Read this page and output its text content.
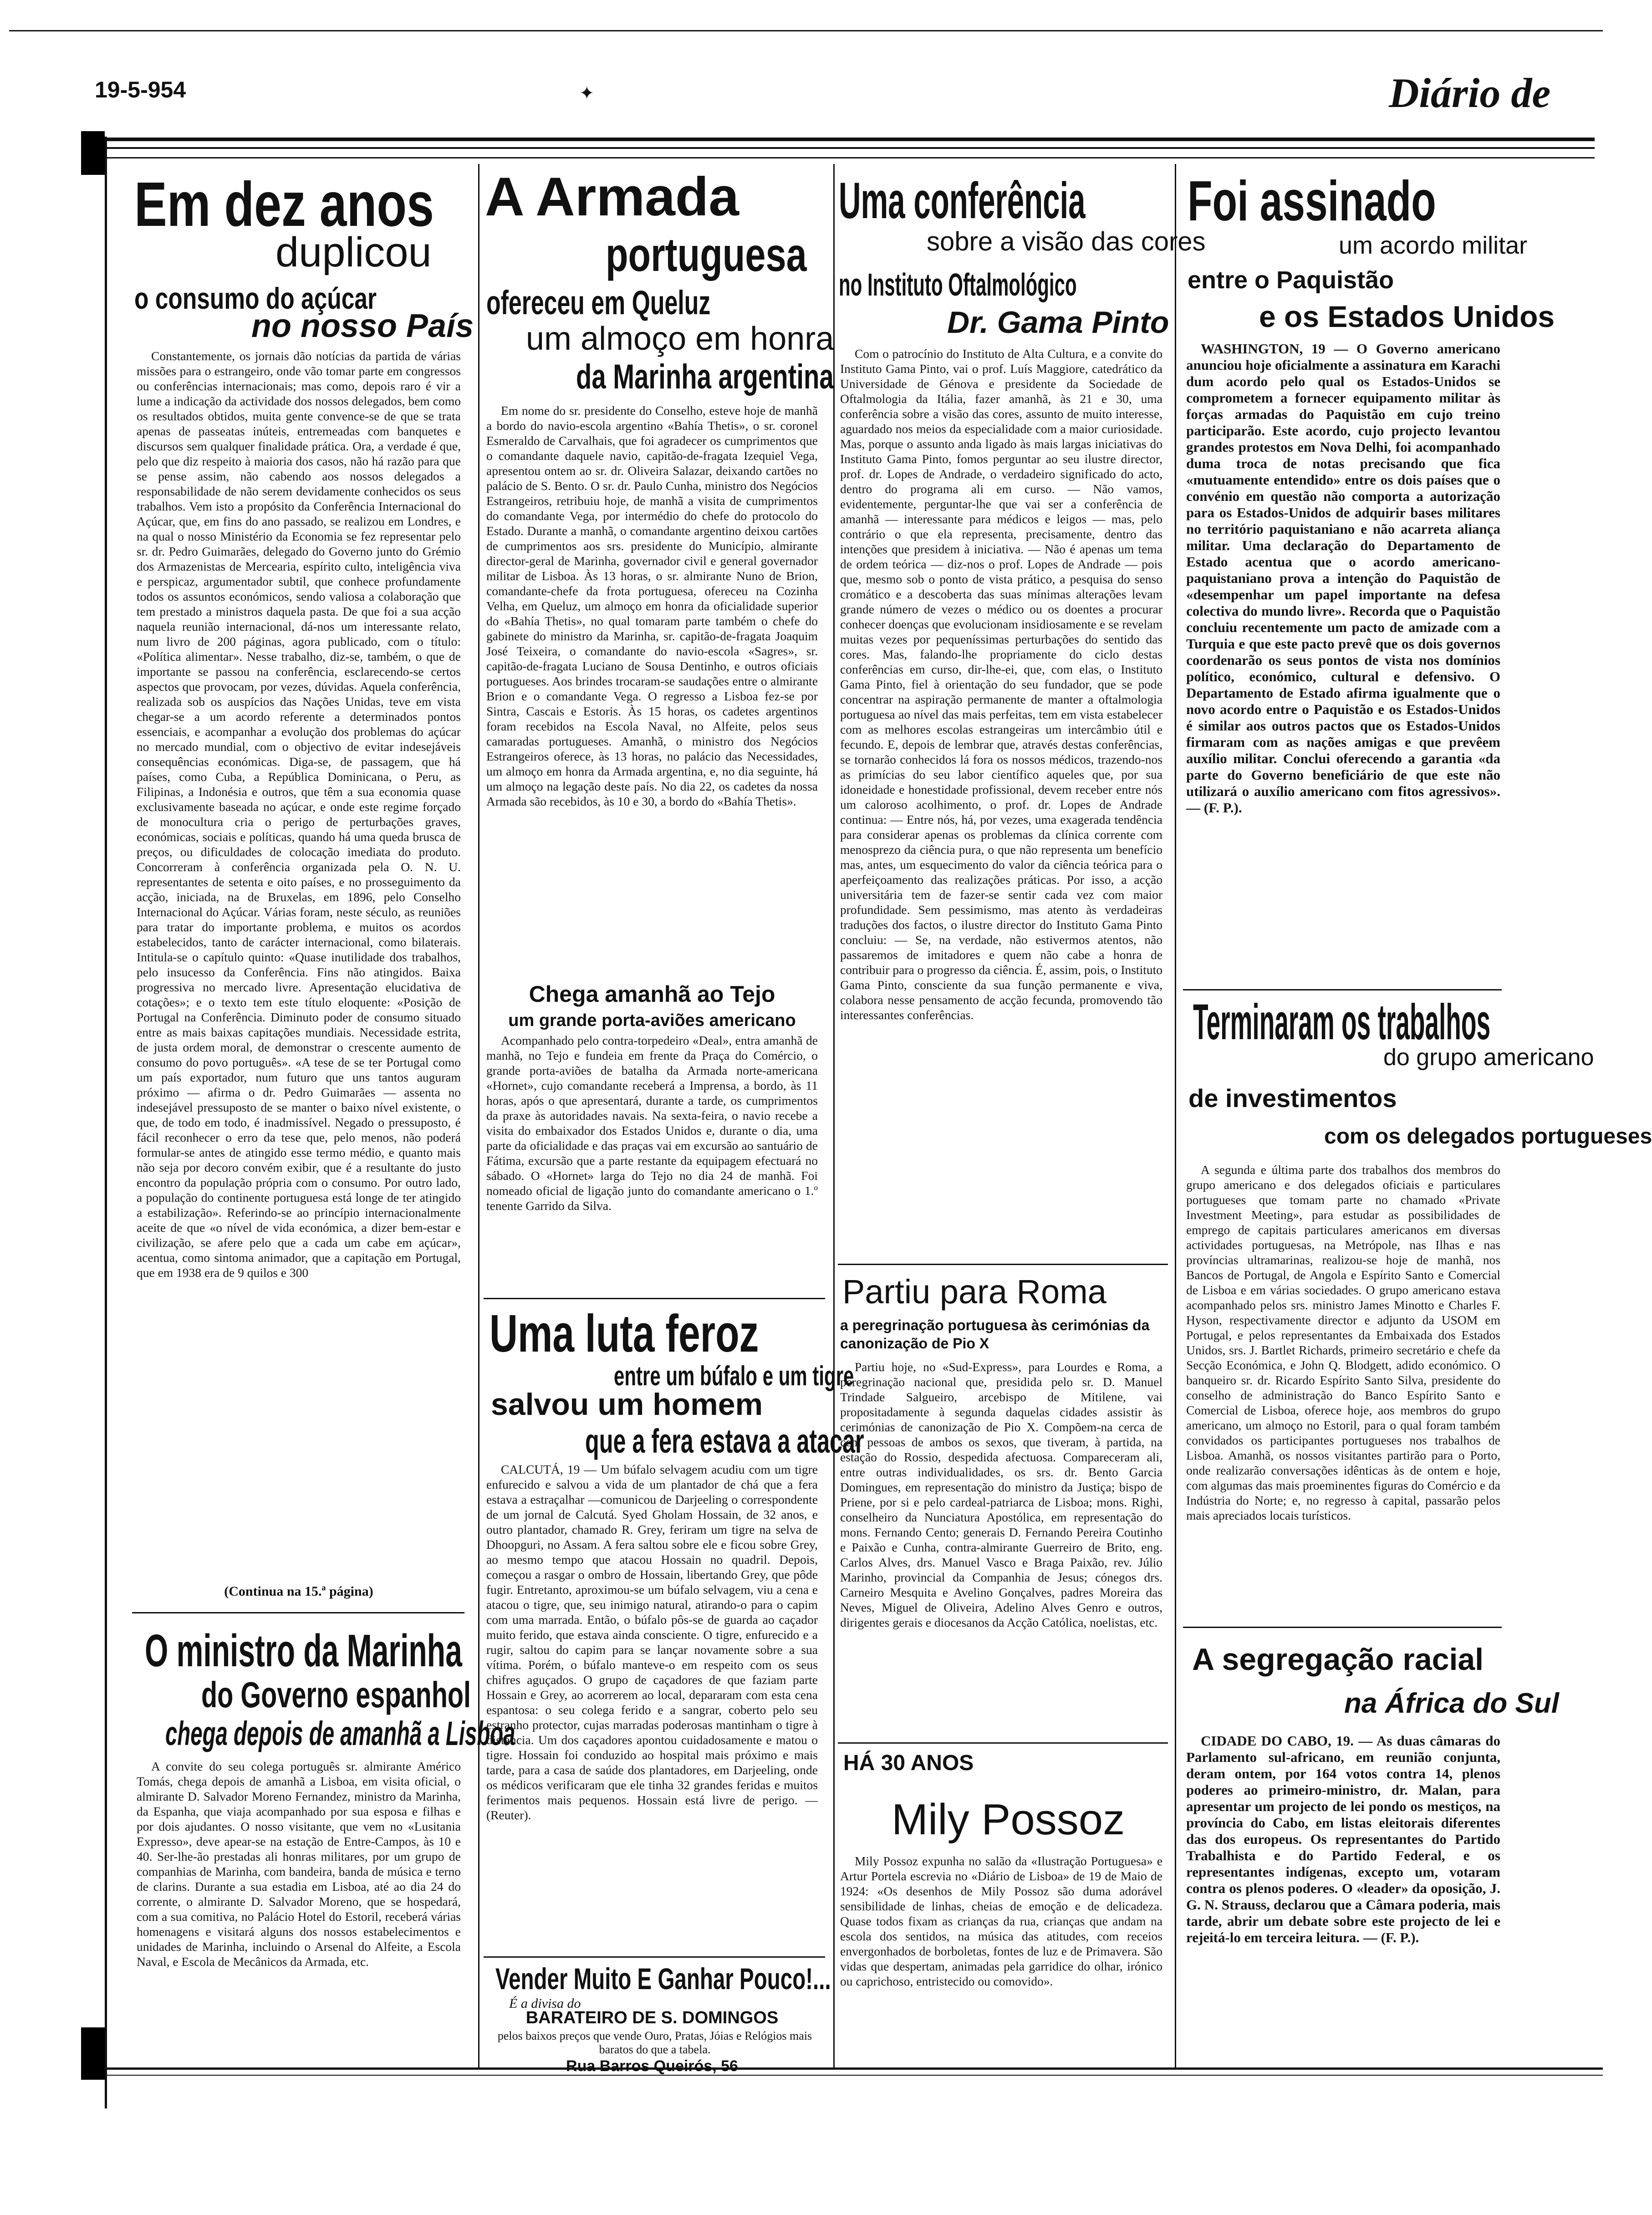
19-5-954	✦	Diário de
Em dez anos
duplicou
o consumo do açúcar
no nosso País

Constantemente, os jornais dão notícias da partida de várias missões para o estrangeiro, onde vão tomar parte em congressos ou conferências internacionais; mas como, depois raro é vir a lume a indicação da actividade dos nossos delegados, bem como os resultados obtidos, muita gente convence-se de que se trata apenas de passeatas inúteis, entremeadas com banquetes e discursos sem qualquer finalidade prática. Ora, a verdade é que, pelo que diz respeito à maioria dos casos, não há razão para que se pense assim, não cabendo aos nossos delegados a responsabilidade de não serem devidamente conhecidos os seus trabalhos. Vem isto a propósito da Conferência Internacional do Açúcar, que, em fins do ano passado, se realizou em Londres, e na qual o nosso Ministério da Economia se fez representar pelo sr. dr. Pedro Guimarães, delegado do Governo junto do Grémio dos Armazenistas de Mercearia, espírito culto, inteligência viva e perspicaz, argumentador subtil, que conhece profundamente todos os assuntos económicos, sendo valiosa a colaboração que tem prestado a ministros daquela pasta. De que foi a sua acção naquela reunião internacional, dá-nos um interessante relato, num livro de 200 páginas, agora publicado, com o título: «Política alimentar». Nesse trabalho, diz-se, também, o que de importante se passou na conferência, esclarecendo-se certos aspectos que provocam, por vezes, dúvidas. Aquela conferência, realizada sob os auspícios das Nações Unidas, teve em vista chegar-se a um acordo referente a determinados pontos essenciais, e acompanhar a evolução dos problemas do açúcar no mercado mundial, com o objectivo de evitar indesejáveis consequências económicas. Diga-se, de passagem, que há países, como Cuba, a República Dominicana, o Peru, as Filipinas, a Indonésia e outros, que têm a sua economia quase exclusivamente baseada no açúcar, e onde este regime forçado de monocultura cria o perigo de perturbações graves, económicas, sociais e políticas, quando há uma queda brusca de preços, ou dificuldades de colocação imediata do produto. Concorreram à conferência organizada pela O. N. U. representantes de setenta e oito países, e no prosseguimento da acção, iniciada, na de Bruxelas, em 1896, pelo Conselho Internacional do Açúcar. Várias foram, neste século, as reuniões para tratar do importante problema, e muitos os acordos estabelecidos, tanto de carácter internacional, como bilaterais. Intitula-se o capítulo quinto: «Quase inutilidade dos trabalhos, pelo insucesso da Conferência. Fins não atingidos. Baixa progressiva no mercado livre. Apresentação elucidativa de cotações»; e o texto tem este título eloquente: «Posição de Portugal na Conferência. Diminuto poder de consumo situado entre as mais baixas capitações mundiais. Necessidade estrita, de justa ordem moral, de demonstrar o crescente aumento de consumo do povo português». «A tese de se ter Portugal como um país exportador, num futuro que uns tantos auguram próximo — afirma o dr. Pedro Guimarães — assenta no indesejável pressuposto de se manter o baixo nível existente, o que, de todo em todo, é inadmissível. Negado o pressuposto, é fácil reconhecer o erro da tese que, pelo menos, não poderá formular-se antes de atingido esse termo médio, e quanto mais não seja por decoro convém exibir, que é a resultante do justo encontro da população própria com o consumo. Por outro lado, a população do continente portuguesa está longe de ter atingido a estabilização». Referindo-se ao princípio internacionalmente aceite de que «o nível de vida económica, a dizer bem-estar e civilização, se afere pelo que a cada um cabe em açúcar», acentua, como sintoma animador, que a capitação em Portugal, que em 1938 era de 9 quilos e 300

(Continua na 15.ª página)
O ministro da Marinha
do Governo espanhol
chega depois de amanhã a Lisboa

A convite do seu colega português sr. almirante Américo Tomás, chega depois de amanhã a Lisboa, em visita oficial, o almirante D. Salvador Moreno Fernandez, ministro da Marinha, da Espanha, que viaja acompanhado por sua esposa e filhas e por dois ajudantes. O nosso visitante, que vem no «Lusitania Expresso», deve apear-se na estação de Entre-Campos, às 10 e 40. Ser-lhe-ão prestadas ali honras militares, por um grupo de companhias de Marinha, com bandeira, banda de música e terno de clarins. Durante a sua estadia em Lisboa, até ao dia 24 do corrente, o almirante D. Salvador Moreno, que se hospedará, com a sua comitiva, no Palácio Hotel do Estoril, receberá várias homenagens e visitará alguns dos nossos estabelecimentos e unidades de Marinha, incluindo o Arsenal do Alfeite, a Escola Naval, e Escola de Mecânicos da Armada, etc.

A Armada
portuguesa
ofereceu em Queluz
um almoço em honra
da Marinha argentina

Em nome do sr. presidente do Conselho, esteve hoje de manhã a bordo do navio-escola argentino «Bahía Thetis», o sr. coronel Esmeraldo de Carvalhais, que foi agradecer os cumprimentos que o comandante daquele navio, capitão-de-fragata Izequiel Vega, apresentou ontem ao sr. dr. Oliveira Salazar, deixando cartões no palácio de S. Bento. O sr. dr. Paulo Cunha, ministro dos Negócios Estrangeiros, retribuiu hoje, de manhã a visita de cumprimentos do comandante Vega, por intermédio do chefe do protocolo do Estado. Durante a manhã, o comandante argentino deixou cartões de cumprimentos aos srs. presidente do Município, almirante director-geral de Marinha, governador civil e general governador militar de Lisboa. Às 13 horas, o sr. almirante Nuno de Brion, comandante-chefe da frota portuguesa, ofereceu na Cozinha Velha, em Queluz, um almoço em honra da oficialidade superior do «Bahía Thetis», no qual tomaram parte também o chefe do gabinete do ministro da Marinha, sr. capitão-de-fragata Joaquim José Teixeira, o comandante do navio-escola «Sagres», sr. capitão-de-fragata Luciano de Sousa Dentinho, e outros oficiais portugueses. Aos brindes trocaram-se saudações entre o almirante Brion e o comandante Vega. O regresso a Lisboa fez-se por Sintra, Cascais e Estoris. Às 15 horas, os cadetes argentinos foram recebidos na Escola Naval, no Alfeite, pelos seus camaradas portugueses. Amanhã, o ministro dos Negócios Estrangeiros oferece, às 13 horas, no palácio das Necessidades, um almoço em honra da Armada argentina, e, no dia seguinte, há um almoço na legação deste país. No dia 22, os cadetes da nossa Armada são recebidos, às 10 e 30, a bordo do «Bahía Thetis».

Chega amanhã ao Tejo
um grande porta-aviões americano

Acompanhado pelo contra-torpedeiro «Deal», entra amanhã de manhã, no Tejo e fundeia em frente da Praça do Comércio, o grande porta-aviões de batalha da Armada norte-americana «Hornet», cujo comandante receberá a Imprensa, a bordo, às 11 horas, após o que apresentará, durante a tarde, os cumprimentos da praxe às autoridades navais. Na sexta-feira, o navio recebe a visita do embaixador dos Estados Unidos e, durante o dia, uma parte da oficialidade e das praças vai em excursão ao santuário de Fátima, excursão que a parte restante da equipagem efectuará no sábado. O «Hornet» larga do Tejo no dia 24 de manhã. Foi nomeado oficial de ligação junto do comandante americano o 1.º tenente Garrido da Silva.

Uma luta feroz
entre um búfalo e um tigre
salvou um homem
que a fera estava a atacar

CALCUTÁ, 19 — Um búfalo selvagem acudiu com um tigre enfurecido e salvou a vida de um plantador de chá que a fera estava a estraçalhar —comunicou de Darjeeling o correspondente de um jornal de Calcutá. Syed Gholam Hossain, de 32 anos, e outro plantador, chamado R. Grey, feriram um tigre na selva de Dhoopguri, no Assam. A fera saltou sobre ele e ficou sobre Grey, ao mesmo tempo que atacou Hossain no quadril. Depois, começou a rasgar o ombro de Hossain, libertando Grey, que pôde fugir. Entretanto, aproximou-se um búfalo selvagem, viu a cena e atacou o tigre, que, seu inimigo natural, atirando-o para o capim com uma marrada. Então, o búfalo pôs-se de guarda ao caçador muito ferido, que estava ainda consciente. O tigre, enfurecido e a rugir, saltou do capim para se lançar novamente sobre a sua vítima. Porém, o búfalo manteve-o em respeito com os seus chifres aguçados. O grupo de caçadores de que faziam parte Hossain e Grey, ao acorrerem ao local, depararam com esta cena espantosa: o seu colega ferido e a sangrar, coberto pelo seu estranho protector, cujas marradas poderosas mantinham o tigre à distância. Um dos caçadores apontou cuidadosamente e matou o tigre. Hossain foi conduzido ao hospital mais próximo e mais tarde, para a casa de saúde dos plantadores, em Darjeeling, onde os médicos verificaram que ele tinha 32 grandes feridas e muitos ferimentos mais pequenos. Hossain está livre de perigo. — (Reuter).

Vender Muito E Ganhar Pouco!...
É a divisa do
BARATEIRO DE S. DOMINGOS
pelos baixos preços que vende Ouro, Pratas, Jóias e Relógios mais baratos do que a tabela.
Rua Barros Queirós, 56
Uma conferência
sobre a visão das cores
no Instituto Oftalmológico
Dr. Gama Pinto

Com o patrocínio do Instituto de Alta Cultura, e a convite do Instituto Gama Pinto, vai o prof. Luís Maggiore, catedrático da Universidade de Génova e presidente da Sociedade de Oftalmologia da Itália, fazer amanhã, às 21 e 30, uma conferência sobre a visão das cores, assunto de muito interesse, aguardado nos meios da especialidade com a maior curiosidade. Mas, porque o assunto anda ligado às mais largas iniciativas do Instituto Gama Pinto, fomos perguntar ao seu ilustre director, prof. dr. Lopes de Andrade, o verdadeiro significado do acto, dentro do programa ali em curso. — Não vamos, evidentemente, perguntar-lhe que vai ser a conferência de amanhã — interessante para médicos e leigos — mas, pelo contrário o que ela representa, precisamente, dentro das intenções que presidem à iniciativa. — Não é apenas um tema de ordem teórica — diz-nos o prof. Lopes de Andrade — pois que, mesmo sob o ponto de vista prático, a pesquisa do senso cromático e a descoberta das suas mínimas alterações levam grande número de vezes o médico ou os doentes a procurar conhecer doenças que evolucionam insidiosamente e se revelam muitas vezes por pequeníssimas perturbações do sentido das cores. Mas, falando-lhe propriamente do ciclo destas conferências em curso, dir-lhe-ei, que, com elas, o Instituto Gama Pinto, fiel à orientação do seu fundador, que se pode concentrar na aspiração permanente de manter a oftalmologia portuguesa ao nível das mais perfeitas, tem em vista estabelecer com as melhores escolas estrangeiras um intercâmbio útil e fecundo. E, depois de lembrar que, através destas conferências, se tornarão conhecidos lá fora os nossos médicos, trazendo-nos as primícias do seu labor científico aqueles que, por sua idoneidade e honestidade profissional, devem receber entre nós um caloroso acolhimento, o prof. dr. Lopes de Andrade continua: — Entre nós, há, por vezes, uma exagerada tendência para considerar apenas os problemas da clínica corrente com menosprezo da ciência pura, o que não representa um benefício mas, antes, um esquecimento do valor da ciência teórica para o aperfeiçoamento das realizações práticas. Por isso, a acção universitária tem de fazer-se sentir cada vez com maior profundidade. Sem pessimismo, mas atento às verdadeiras traduções dos factos, o ilustre director do Instituto Gama Pinto concluiu: — Se, na verdade, não estivermos atentos, não passaremos de imitadores e quem não cabe a honra de contribuir para o progresso da ciência. É, assim, pois, o Instituto Gama Pinto, consciente da sua função permanente e viva, colabora nesse pensamento de acção fecunda, promovendo tão interessantes conferências.

Partiu para Roma
a peregrinação portuguesa às cerimónias da canonização de Pio X

Partiu hoje, no «Sud-Express», para Lourdes e Roma, a peregrinação nacional que, presidida pelo sr. D. Manuel Trindade Salgueiro, arcebispo de Mitilene, vai propositadamente à segunda daquelas cidades assistir às cerimónias de canonização de Pio X. Compõem-na cerca de cem pessoas de ambos os sexos, que tiveram, à partida, na estação do Rossio, despedida afectuosa. Compareceram ali, entre outras individualidades, os srs. dr. Bento Garcia Domingues, em representação do ministro da Justiça; bispo de Priene, por si e pelo cardeal-patriarca de Lisboa; mons. Righi, conselheiro da Nunciatura Apostólica, em representação do mons. Fernando Cento; generais D. Fernando Pereira Coutinho e Paixão e Cunha, contra-almirante Guerreiro de Brito, eng. Carlos Alves, drs. Manuel Vasco e Braga Paixão, rev. Júlio Marinho, provincial da Companhia de Jesus; cónegos drs. Carneiro Mesquita e Avelino Gonçalves, padres Moreira das Neves, Miguel de Oliveira, Adelino Alves Genro e outros, dirigentes gerais e diocesanos da Acção Católica, noelistas, etc.

HÁ 30 ANOS
Mily Possoz

Mily Possoz expunha no salão da «Ilustração Portuguesa» e Artur Portela escrevia no «Diário de Lisboa» de 19 de Maio de 1924: «Os desenhos de Mily Possoz são duma adorável sensibilidade de linhas, cheias de emoção e de delicadeza. Quase todos fixam as crianças da rua, crianças que andam na escola dos sentidos, na música das atitudes, com receios envergonhados de borboletas, fontes de luz e de Primavera. São vidas que despertam, animadas pela garridice do olhar, irónico ou caprichoso, entristecido ou comovido».

Foi assinado
um acordo militar
entre o Paquistão
e os Estados Unidos

WASHINGTON, 19 — O Governo americano anunciou hoje oficialmente a assinatura em Karachi dum acordo pelo qual os Estados-Unidos se comprometem a fornecer equipamento militar às forças armadas do Paquistão em cujo treino participarão. Este acordo, cujo projecto levantou grandes protestos em Nova Delhi, foi acompanhado duma troca de notas precisando que fica «mutuamente entendido» entre os dois países que o convénio em questão não comporta a autorização para os Estados-Unidos de adquirir bases militares no território paquistaniano e não acarreta aliança militar. Uma declaração do Departamento de Estado acentua que o acordo americano-paquistaniano prova a intenção do Paquistão de «desempenhar um papel importante na defesa colectiva do mundo livre». Recorda que o Paquistão concluiu recentemente um pacto de amizade com a Turquia e que este pacto prevê que os dois governos coordenarão os seus pontos de vista nos domínios político, económico, cultural e defensivo. O Departamento de Estado afirma igualmente que o novo acordo entre o Paquistão e os Estados-Unidos é similar aos outros pactos que os Estados-Unidos firmaram com as nações amigas e que prevêem auxílio militar. Conclui oferecendo a garantia «da parte do Governo beneficiário de que este não utilizará o auxílio americano com fitos agressivos». — (F. P.).

Terminaram os trabalhos
do grupo americano
de investimentos
com os delegados portugueses

A segunda e última parte dos trabalhos dos membros do grupo americano e dos delegados oficiais e particulares portugueses que tomam parte no chamado «Private Investment Meeting», para estudar as possibilidades de emprego de capitais particulares americanos em diversas actividades portuguesas, na Metrópole, nas Ilhas e nas províncias ultramarinas, realizou-se hoje de manhã, nos Bancos de Portugal, de Angola e Espírito Santo e Comercial de Lisboa e em várias sociedades. O grupo americano estava acompanhado pelos srs. ministro James Minotto e Charles F. Hyson, respectivamente director e adjunto da USOM em Portugal, e pelos representantes da Embaixada dos Estados Unidos, srs. J. Bartlet Richards, primeiro secretário e chefe da Secção Económica, e John Q. Blodgett, adido económico. O banqueiro sr. dr. Ricardo Espírito Santo Silva, presidente do conselho de administração do Banco Espírito Santo e Comercial de Lisboa, oferece hoje, aos membros do grupo americano, um almoço no Estoril, para o qual foram também convidados os participantes portugueses nos trabalhos de Lisboa. Amanhã, os nossos visitantes partirão para o Porto, onde realizarão conversações idênticas às de ontem e hoje, com algumas das mais proeminentes figuras do Comércio e da Indústria do Norte; e, no regresso à capital, passarão pelos mais apreciados locais turísticos.

A segregação racial
na África do Sul

CIDADE DO CABO, 19. — As duas câmaras do Parlamento sul-africano, em reunião conjunta, deram ontem, por 164 votos contra 14, plenos poderes ao primeiro-ministro, dr. Malan, para apresentar um projecto de lei pondo os mestiços, na província do Cabo, em listas eleitorais diferentes das dos europeus. Os representantes do Partido Trabalhista e do Partido Federal, e os representantes indígenas, excepto um, votaram contra os plenos poderes. O «leader» da oposição, J. G. N. Strauss, declarou que a Câmara poderia, mais tarde, abrir um debate sobre este projecto de lei e rejeitá-lo em terceira leitura. — (F. P.).
